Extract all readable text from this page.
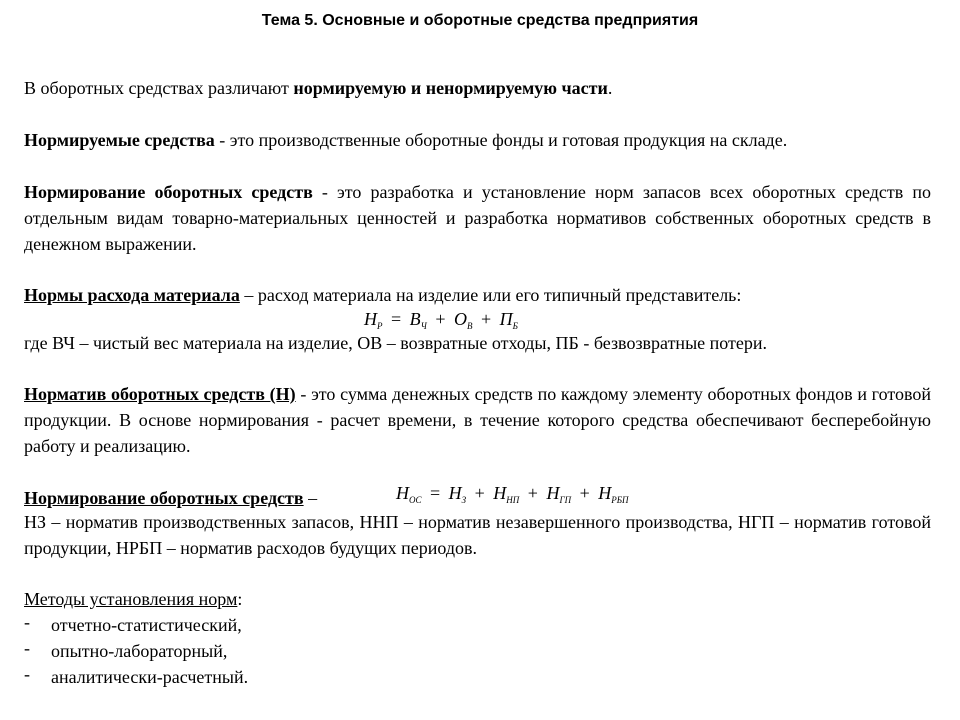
Тема 5. Основные и оборотные средства предприятия
В оборотных средствах различают нормируемую и ненормируемую части.
Нормируемые средства - это производственные оборотные фонды и готовая продукция на складе.
Нормирование оборотных средств - это разработка и установление норм запасов всех оборотных средств по отдельным видам товарно-материальных ценностей и разработка нормативов собственных оборотных средств в денежном выражении.
Нормы расхода материала – расход материала на изделие или его типичный представитель:
$Н_Р = В_Ч + О_В + П_Б$
где ВЧ – чистый вес материала на изделие, ОВ – возвратные отходы, ПБ - безвозвратные потери.
Норматив оборотных средств (Н) - это сумма денежных средств по каждому элементу оборотных фондов и готовой продукции. В основе нормирования - расчет времени, в течение которого средства обеспечивают бесперебойную работу и реализацию.
Нормирование оборотных средств –	$Н_{ОС} = Н_З + Н_{НП} + Н_{ГП} + Н_{РБП}$
НЗ – норматив производственных запасов, ННП – норматив незавершенного производства, НГП – норматив готовой продукции, НРБП – норматив расходов будущих периодов.
Методы установления норм:
- отчетно-статистический,
- опытно-лабораторный,
- аналитически-расчетный.
